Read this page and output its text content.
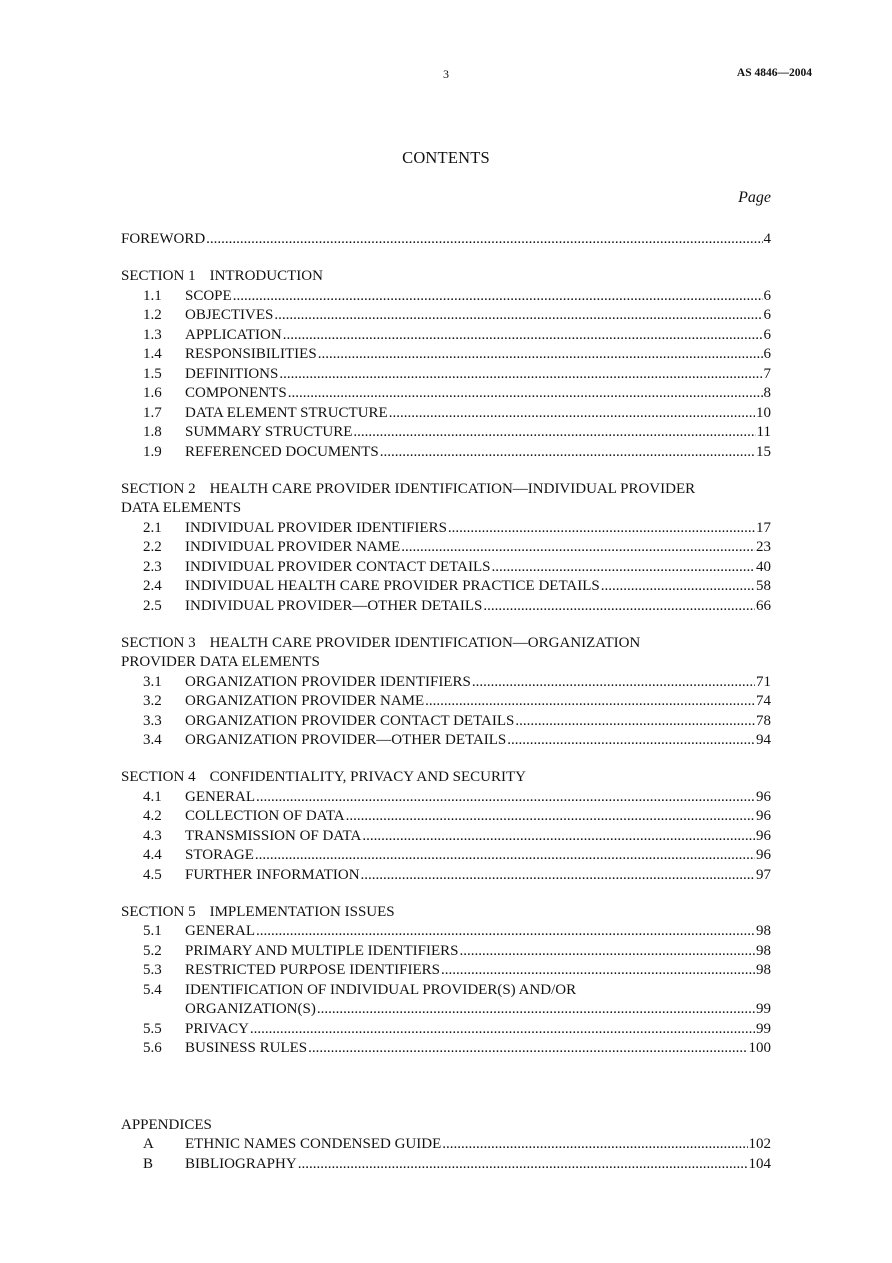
3	AS 4846—2004
CONTENTS
Page
FOREWORD .....	4
SECTION 1 INTRODUCTION
1.1	SCOPE .....	6
1.2	OBJECTIVES .....	6
1.3	APPLICATION .....	6
1.4	RESPONSIBILITIES .....	6
1.5	DEFINITIONS .....	7
1.6	COMPONENTS .....	8
1.7	DATA ELEMENT STRUCTURE .....	10
1.8	SUMMARY STRUCTURE .....	11
1.9	REFERENCED DOCUMENTS .....	15
SECTION 2 HEALTH CARE PROVIDER IDENTIFICATION—INDIVIDUAL PROVIDER
DATA ELEMENTS
2.1	INDIVIDUAL PROVIDER IDENTIFIERS .....	17
2.2	INDIVIDUAL PROVIDER NAME .....	23
2.3	INDIVIDUAL PROVIDER CONTACT DETAILS .....	40
2.4	INDIVIDUAL HEALTH CARE PROVIDER PRACTICE DETAILS .....	58
2.5	INDIVIDUAL PROVIDER—OTHER DETAILS .....	66
SECTION 3 HEALTH CARE PROVIDER IDENTIFICATION—ORGANIZATION
PROVIDER DATA ELEMENTS
3.1	ORGANIZATION PROVIDER IDENTIFIERS .....	71
3.2	ORGANIZATION PROVIDER NAME .....	74
3.3	ORGANIZATION PROVIDER CONTACT DETAILS .....	78
3.4	ORGANIZATION PROVIDER—OTHER DETAILS .....	94
SECTION 4 CONFIDENTIALITY, PRIVACY AND SECURITY
4.1	GENERAL .....	96
4.2	COLLECTION OF DATA .....	96
4.3	TRANSMISSION OF DATA .....	96
4.4	STORAGE .....	96
4.5	FURTHER INFORMATION .....	97
SECTION 5 IMPLEMENTATION ISSUES
5.1	GENERAL .....	98
5.2	PRIMARY AND MULTIPLE IDENTIFIERS .....	98
5.3	RESTRICTED PURPOSE IDENTIFIERS .....	98
5.4	IDENTIFICATION OF INDIVIDUAL PROVIDER(S) AND/OR
ORGANIZATION(S) .....	99
5.5	PRIVACY .....	99
5.6	BUSINESS RULES .....	100
APPENDICES
A	ETHNIC NAMES CONDENSED GUIDE .....	102
B	BIBLIOGRAPHY .....	104
